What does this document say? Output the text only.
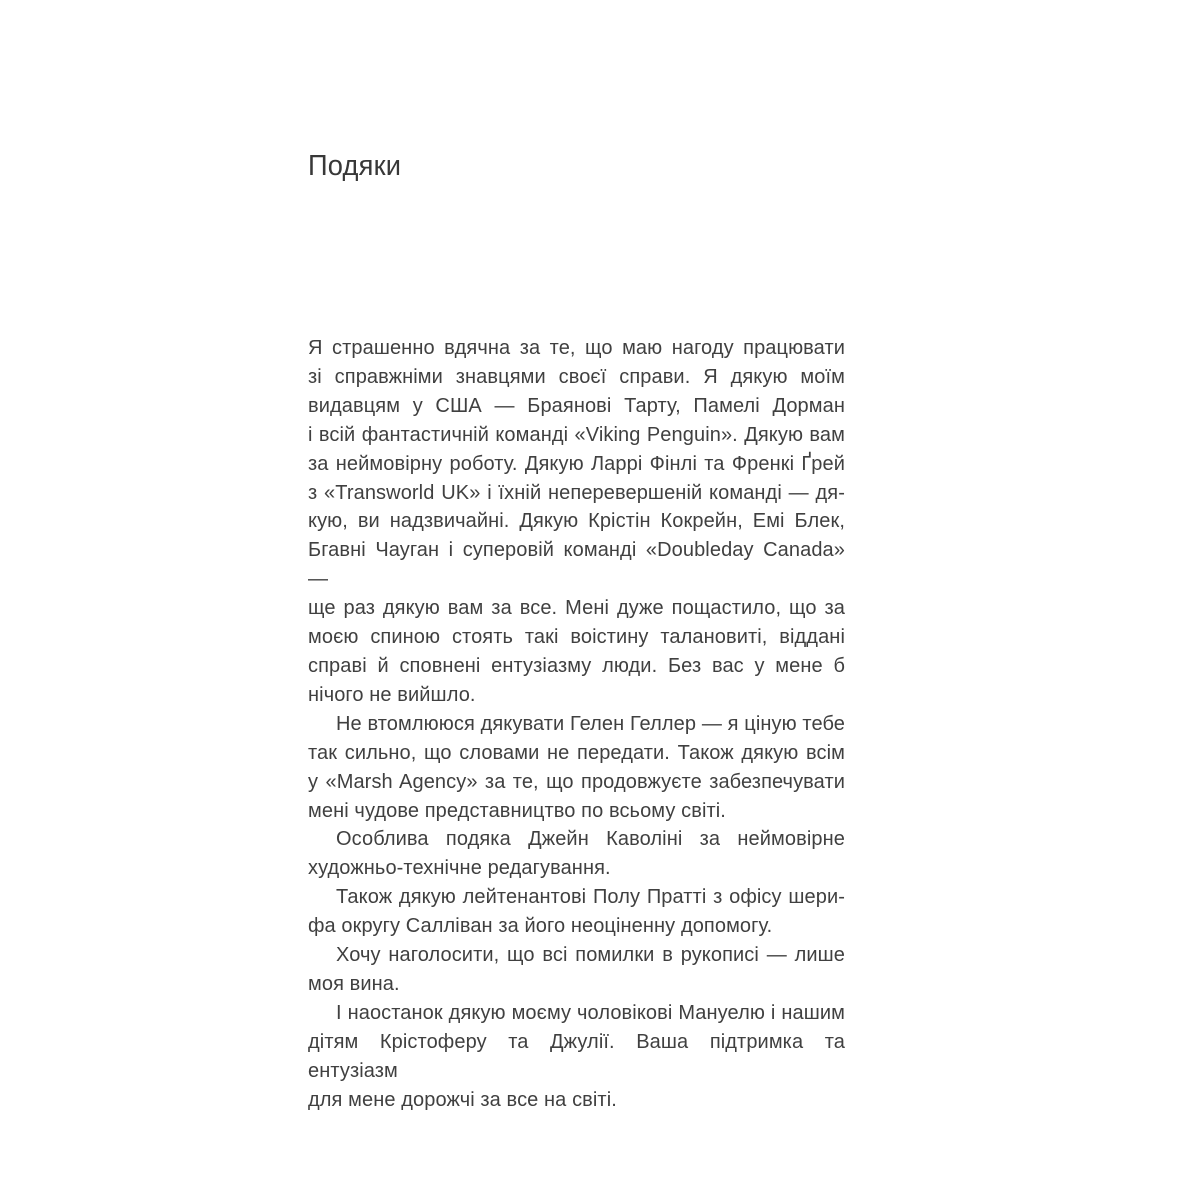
Подяки
Я страшенно вдячна за те, що маю нагоду працювати
зі справжніми знавцями своєї справи. Я дякую моїм
видавцям у США — Браянові Тарту, Памелі Дорман
і всій фантастичній команді «Viking Penguin». Дякую вам
за неймовірну роботу. Дякую Ларрі Фінлі та Френкі Ґрей
з «Transworld UK» і їхній неперевершеній команді — дя-
кую, ви надзвичайні. Дякую Крістін Кокрейн, Емі Блек,
Бгавні Чауган і суперовій команді «Doubleday Canada» —
ще раз дякую вам за все. Мені дуже пощастило, що за
моєю спиною стоять такі воістину талановиті, віддані
справі й сповнені ентузіазму люди. Без вас у мене б
нічого не вийшло.
Не втомлююся дякувати Гелен Геллер — я ціную тебе
так сильно, що словами не передати. Також дякую всім
у «Marsh Agency» за те, що продовжуєте забезпечувати
мені чудове представництво по всьому світі.
Особлива подяка Джейн Каволіні за неймовірне
художньо-технічне редагування.
Також дякую лейтенантові Полу Пратті з офісу шери-
фа округу Салліван за його неоціненну допомогу.
Хочу наголосити, що всі помилки в рукописі — лише
моя вина.
І наостанок дякую моєму чоловікові Мануелю і нашим
дітям Крістоферу та Джулії. Ваша підтримка та ентузіазм
для мене дорожчі за все на світі.
